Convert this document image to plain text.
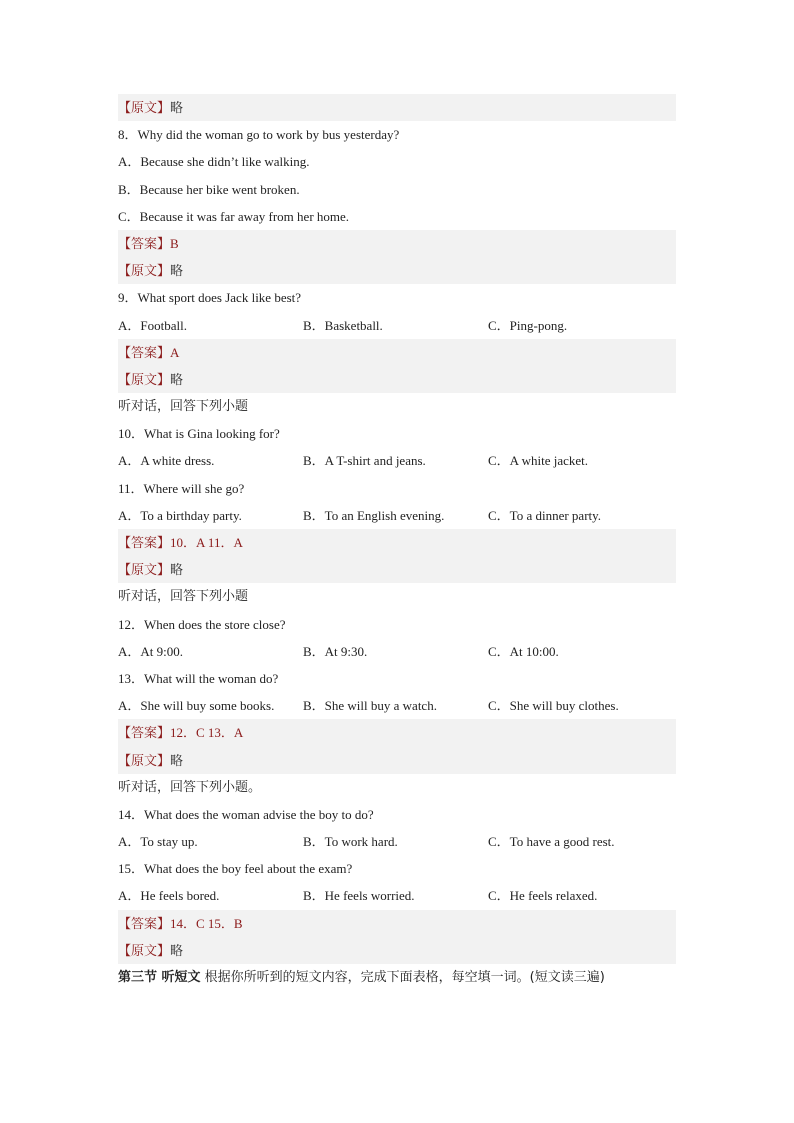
【原文】略
8．Why did the woman go to work by bus yesterday?
A．Because she didn’t like walking.
B．Because her bike went broken.
C．Because it was far away from her home.
【答案】B
【原文】略
9．What sport does Jack like best?
A．Football.	B．Basketball.	C．Ping-pong.
【答案】A
【原文】略
听对话，回答下列小题
10．What is Gina looking for?
A．A white dress.	B．A T-shirt and jeans.	C．A white jacket.
11．Where will she go?
A．To a birthday party.	B．To an English evening.	C．To a dinner party.
【答案】10．A 11．A
【原文】略
听对话，回答下列小题
12．When does the store close?
A．At 9:00.	B．At 9:30.	C．At 10:00.
13．What will the woman do?
A．She will buy some books. B．She will buy a watch.	C．She will buy clothes.
【答案】12．C 13．A
【原文】略
听对话，回答下列小题。
14．What does the woman advise the boy to do?
A．To stay up.	B．To work hard.	C．To have a good rest.
15．What does the boy feel about the exam?
A．He feels bored.	B．He feels worried.	C．He feels relaxed.
【答案】14．C 15．B
【原文】略
第三节 听短文 根据你所听到的短文内容，完成下面表格，每空填一词。(短文读三遍)
